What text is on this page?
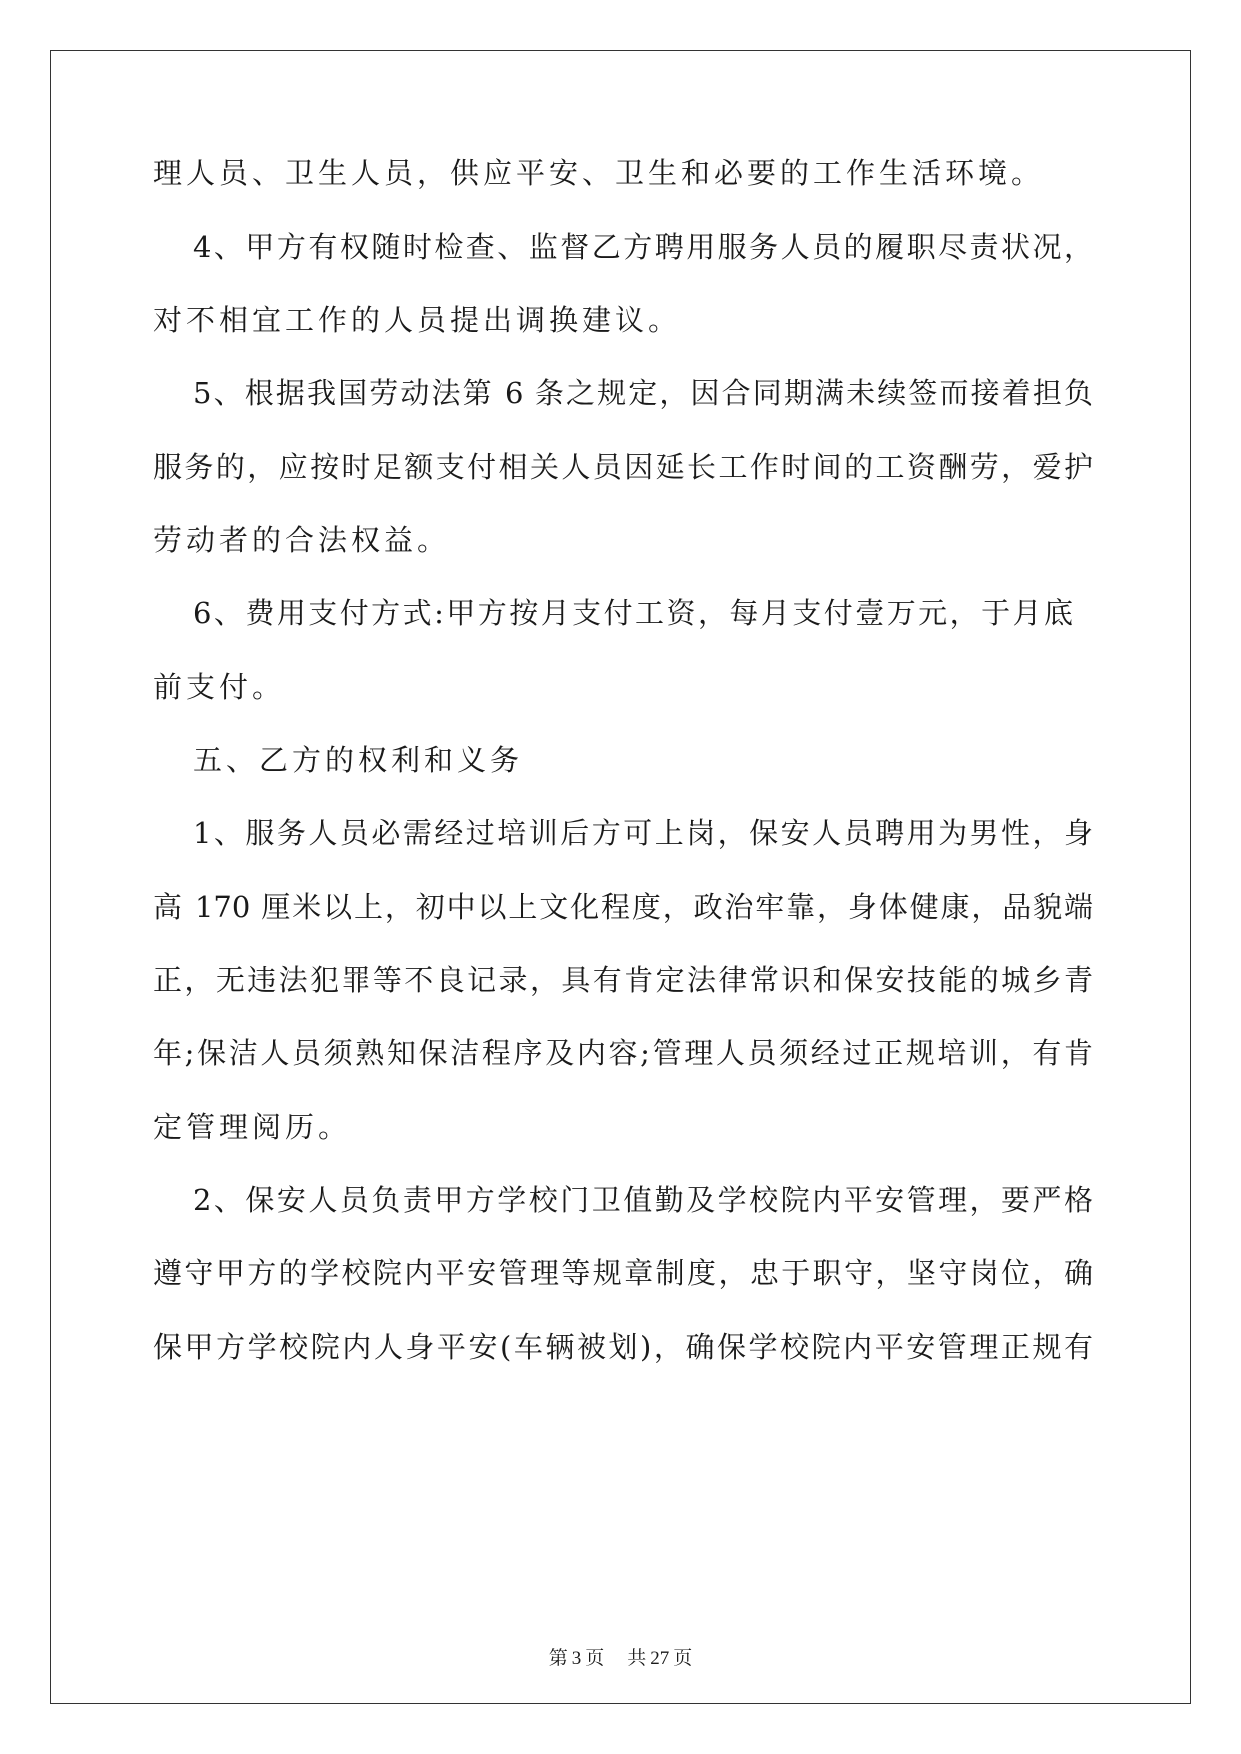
理人员、卫生人员，供应平安、卫生和必要的工作生活环境。
4、甲方有权随时检查、监督乙方聘用服务人员的履职尽责状况，
对不相宜工作的人员提出调换建议。
5、根据我国劳动法第 6 条之规定，因合同期满未续签而接着担负
服务的，应按时足额支付相关人员因延长工作时间的工资酬劳，爱护
劳动者的合法权益。
6、费用支付方式:甲方按月支付工资，每月支付壹万元，于月底
前支付。
五、乙方的权利和义务
1、服务人员必需经过培训后方可上岗，保安人员聘用为男性，身
高 170 厘米以上，初中以上文化程度，政治牢靠，身体健康，品貌端
正，无违法犯罪等不良记录，具有肯定法律常识和保安技能的城乡青
年;保洁人员须熟知保洁程序及内容;管理人员须经过正规培训，有肯
定管理阅历。
2、保安人员负责甲方学校门卫值勤及学校院内平安管理，要严格
遵守甲方的学校院内平安管理等规章制度，忠于职守，坚守岗位，确
保甲方学校院内人身平安(车辆被划)，确保学校院内平安管理正规有
第 3 页 共 27 页
